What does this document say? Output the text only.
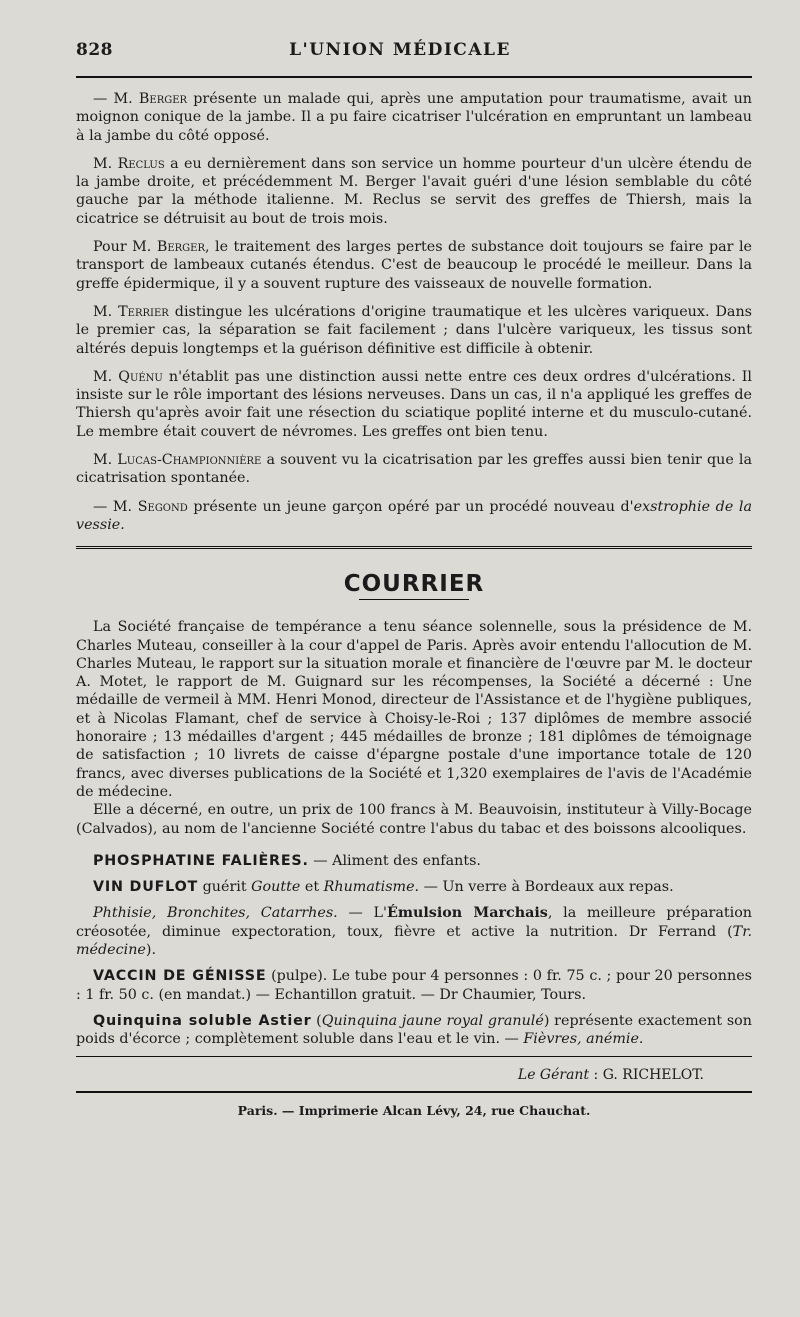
828	L'UNION MÉDICALE

— M. Berger présente un malade qui, après une amputation pour traumatisme, avait un moignon conique de la jambe. Il a pu faire cicatriser l'ulcération en empruntant un lambeau à la jambe du côté opposé.

M. Reclus a eu dernièrement dans son service un homme pourteur d'un ulcère étendu de la jambe droite, et précédemment M. Berger l'avait guéri d'une lésion semblable du côté gauche par la méthode italienne. M. Reclus se servit des greffes de Thiersh, mais la cicatrice se détruisit au bout de trois mois.

Pour M. Berger, le traitement des larges pertes de substance doit toujours se faire par le transport de lambeaux cutanés étendus. C'est de beaucoup le procédé le meilleur. Dans la greffe épidermique, il y a souvent rupture des vaisseaux de nouvelle formation.

M. Terrier distingue les ulcérations d'origine traumatique et les ulcères variqueux. Dans le premier cas, la séparation se fait facilement ; dans l'ulcère variqueux, les tissus sont altérés depuis longtemps et la guérison définitive est difficile à obtenir.

M. Quénu n'établit pas une distinction aussi nette entre ces deux ordres d'ulcérations. Il insiste sur le rôle important des lésions nerveuses. Dans un cas, il n'a appliqué les greffes de Thiersh qu'après avoir fait une résection du sciatique poplité interne et du musculo-cutané. Le membre était couvert de névromes. Les greffes ont bien tenu.

M. Lucas-Championnière a souvent vu la cicatrisation par les greffes aussi bien tenir que la cicatrisation spontanée.

— M. Segond présente un jeune garçon opéré par un procédé nouveau d'exstrophie de la vessie.

COURRIER

La Société française de tempérance a tenu séance solennelle, sous la présidence de M. Charles Muteau, conseiller à la cour d'appel de Paris. Après avoir entendu l'allocution de M. Charles Muteau, le rapport sur la situation morale et financière de l'œuvre par M. le docteur A. Motet, le rapport de M. Guignard sur les récompenses, la Société a décerné : Une médaille de vermeil à MM. Henri Monod, directeur de l'Assistance et de l'hygiène publiques, et à Nicolas Flamant, chef de service à Choisy-le-Roi ; 137 diplômes de membre associé honoraire ; 13 médailles d'argent ; 445 médailles de bronze ; 181 diplômes de témoignage de satisfaction ; 10 livrets de caisse d'épargne postale d'une importance totale de 120 francs, avec diverses publications de la Société et 1,320 exemplaires de l'avis de l'Académie de médecine.

Elle a décerné, en outre, un prix de 100 francs à M. Beauvoisin, instituteur à Villy-Bocage (Calvados), au nom de l'ancienne Société contre l'abus du tabac et des boissons alcooliques.

PHOSPHATINE FALIÈRES. — Aliment des enfants.

VIN DUFLOT guérit Goutte et Rhumatisme. — Un verre à Bordeaux aux repas.

Phthisie, Bronchites, Catarrhes. — L'Émulsion Marchais, la meilleure préparation créosotée, diminue expectoration, toux, fièvre et active la nutrition. Dr Ferrand (Tr. médecine).

VACCIN DE GÉNISSE (pulpe). Le tube pour 4 personnes : 0 fr. 75 c. ; pour 20 personnes : 1 fr. 50 c. (en mandat.) — Echantillon gratuit. — Dr Chaumier, Tours.

Quinquina soluble Astier (Quinquina jaune royal granulé) représente exactement son poids d'écorce ; complètement soluble dans l'eau et le vin. — Fièvres, anémie.

Le Gérant : G. RICHELOT.
Paris. — Imprimerie Alcan Lévy, 24, rue Chauchat.
